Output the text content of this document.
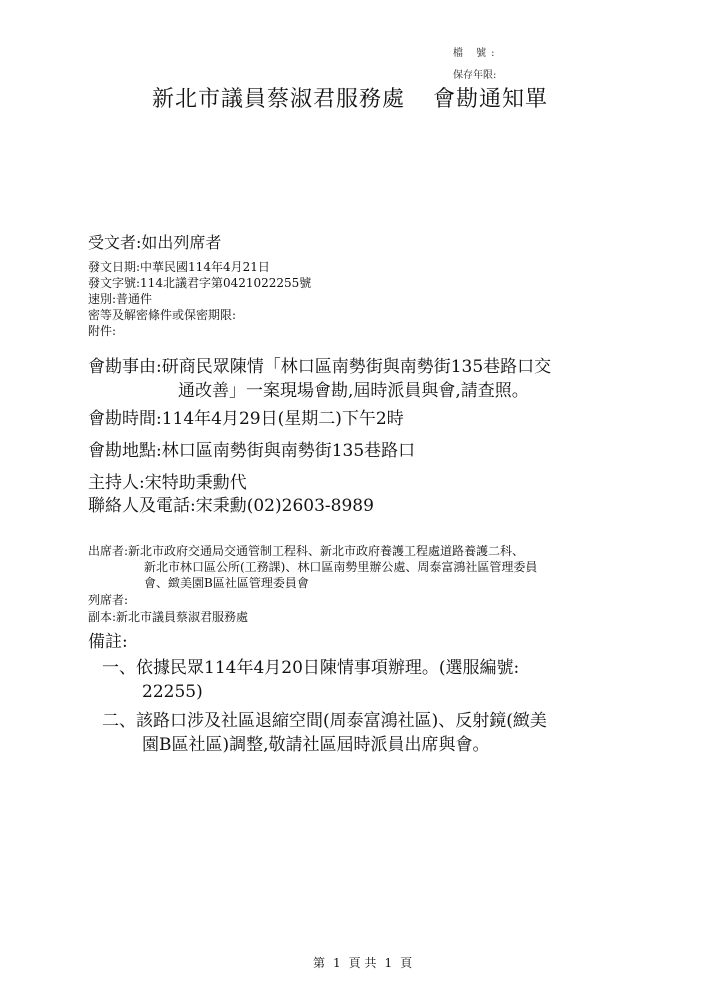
檔 號:
保存年限:
新北市議員蔡淑君服務處 會勘通知單
受文者:如出列席者
發文日期:中華民國114年4月21日
發文字號:114北議君字第0421022255號
速別:普通件
密等及解密條件或保密期限:
附件:
會勘事由:研商民眾陳情「林口區南勢街與南勢街135巷路口交
通改善」一案現場會勘,屆時派員與會,請查照。
會勘時間:114年4月29日(星期二)下午2時
會勘地點:林口區南勢街與南勢街135巷路口
主持人:宋特助秉勳代
聯絡人及電話:宋秉勳(02)2603-8989
出席者:新北市政府交通局交通管制工程科、新北市政府養護工程處道路養護二科、
新北市林口區公所(工務課)、林口區南勢里辦公處、周泰富鴻社區管理委員
會、緻美園B區社區管理委員會
列席者:
副本:新北市議員蔡淑君服務處
備註:
一、依據民眾114年4月20日陳情事項辦理。(選服編號:
22255)
二、該路口涉及社區退縮空間(周泰富鴻社區)、反射鏡(緻美
園B區社區)調整,敬請社區屆時派員出席與會。
第 1 頁 共 1 頁
